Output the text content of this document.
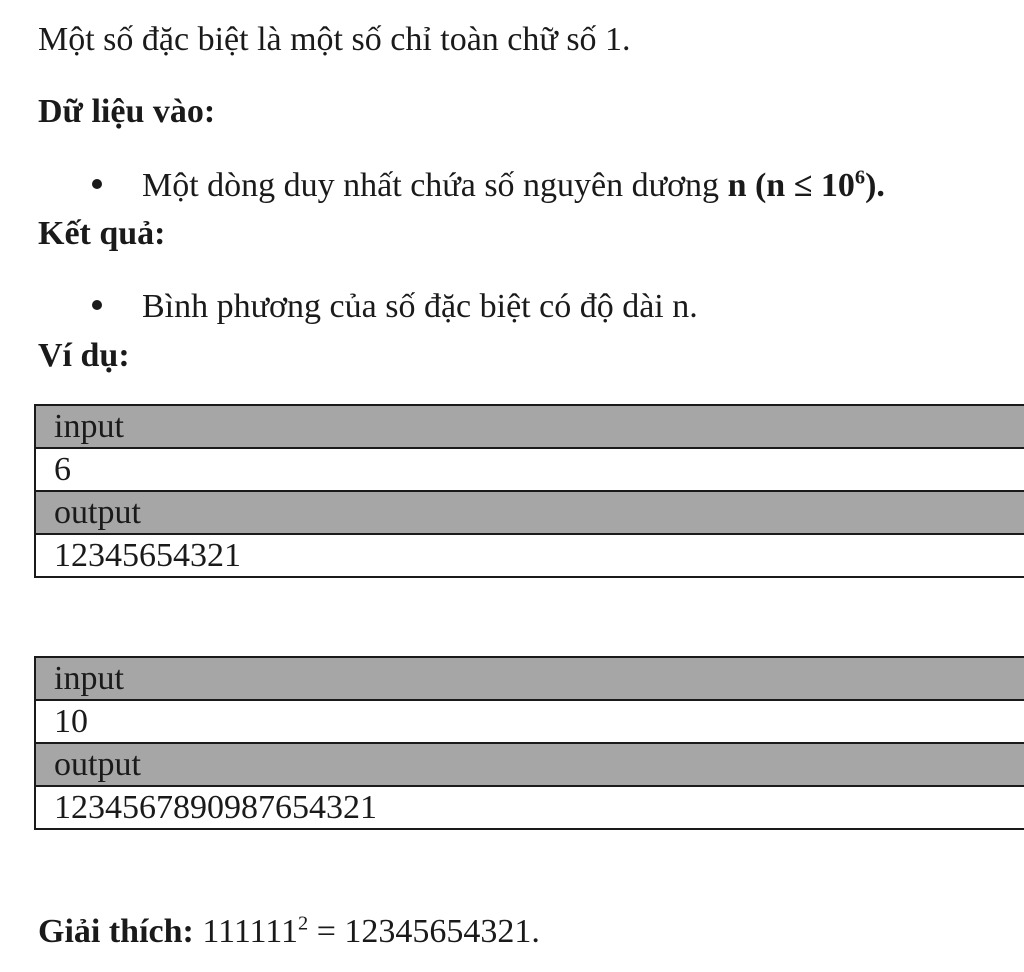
Một số đặc biệt là một số chỉ toàn chữ số 1.
Dữ liệu vào:
Một dòng duy nhất chứa số nguyên dương n $(n \le 10^6)$.
Kết quả:
Bình phương của số đặc biệt có độ dài n.
Ví dụ:
input
6
output
12345654321
input
10
output
1234567890987654321
Giải thích: $111111^2 = 12345654321$.
